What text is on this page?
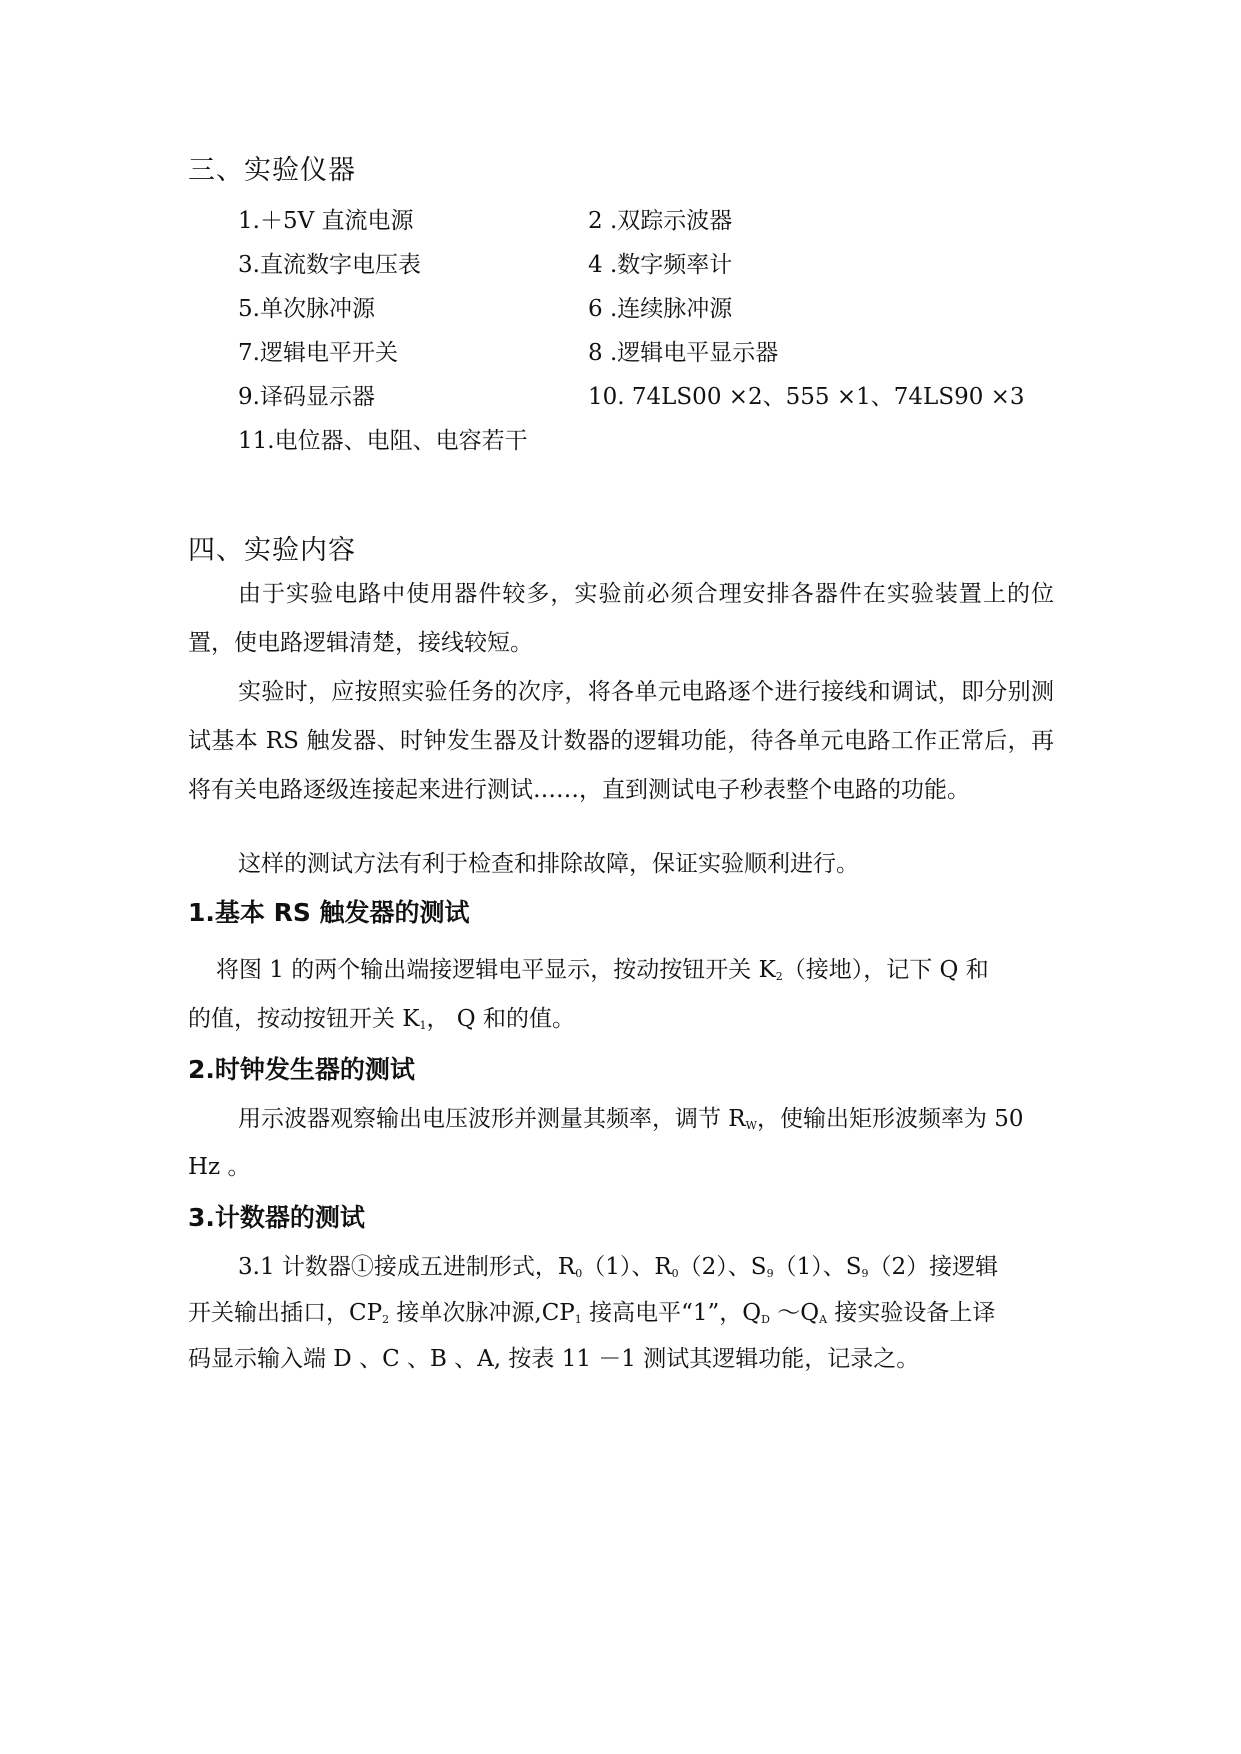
三、实验仪器
1.＋5V 直流电源	2 .双踪示波器
3.直流数字电压表	4 .数字频率计
5.单次脉冲源	6 .连续脉冲源
7.逻辑电平开关	8 .逻辑电平显示器
9.译码显示器	10. 74LS00 ×2、555 ×1、74LS90 ×3
11.电位器、电阻、电容若干
四、实验内容

由于实验电路中使用器件较多，实验前必须合理安排各器件在实验装置上的位置，使电路逻辑清楚，接线较短。

实验时，应按照实验任务的次序，将各单元电路逐个进行接线和调试，即分别测试基本 RS 触发器、时钟发生器及计数器的逻辑功能，待各单元电路工作正常后，再将有关电路逐级连接起来进行测试……，直到测试电子秒表整个电路的功能。

这样的测试方法有利于检查和排除故障，保证实验顺利进行。

1.基本 RS 触发器的测试
将图 1 的两个输出端接逻辑电平显示，按动按钮开关 $K_2$（接地），记下 Q 和
的值，按动按钮开关 $K_1$， Q 和的值。
2.时钟发生器的测试
用示波器观察输出电压波形并测量其频率，调节 $R_W$，使输出矩形波频率为 50
Hz 。
3.计数器的测试
3.1 计数器①接成五进制形式，$R_0(1)$、$R_0(2)$、$S_9(1)$、$S_9(2)$接逻辑
开关输出插口，$CP_2$ 接单次脉冲源$,CP_1$ 接高电平“1”，$Q_D$ $\sim Q_A$ 接实验设备上译
码显示输入端 D 、C 、B 、A, 按表 11 －1 测试其逻辑功能，记录之。
